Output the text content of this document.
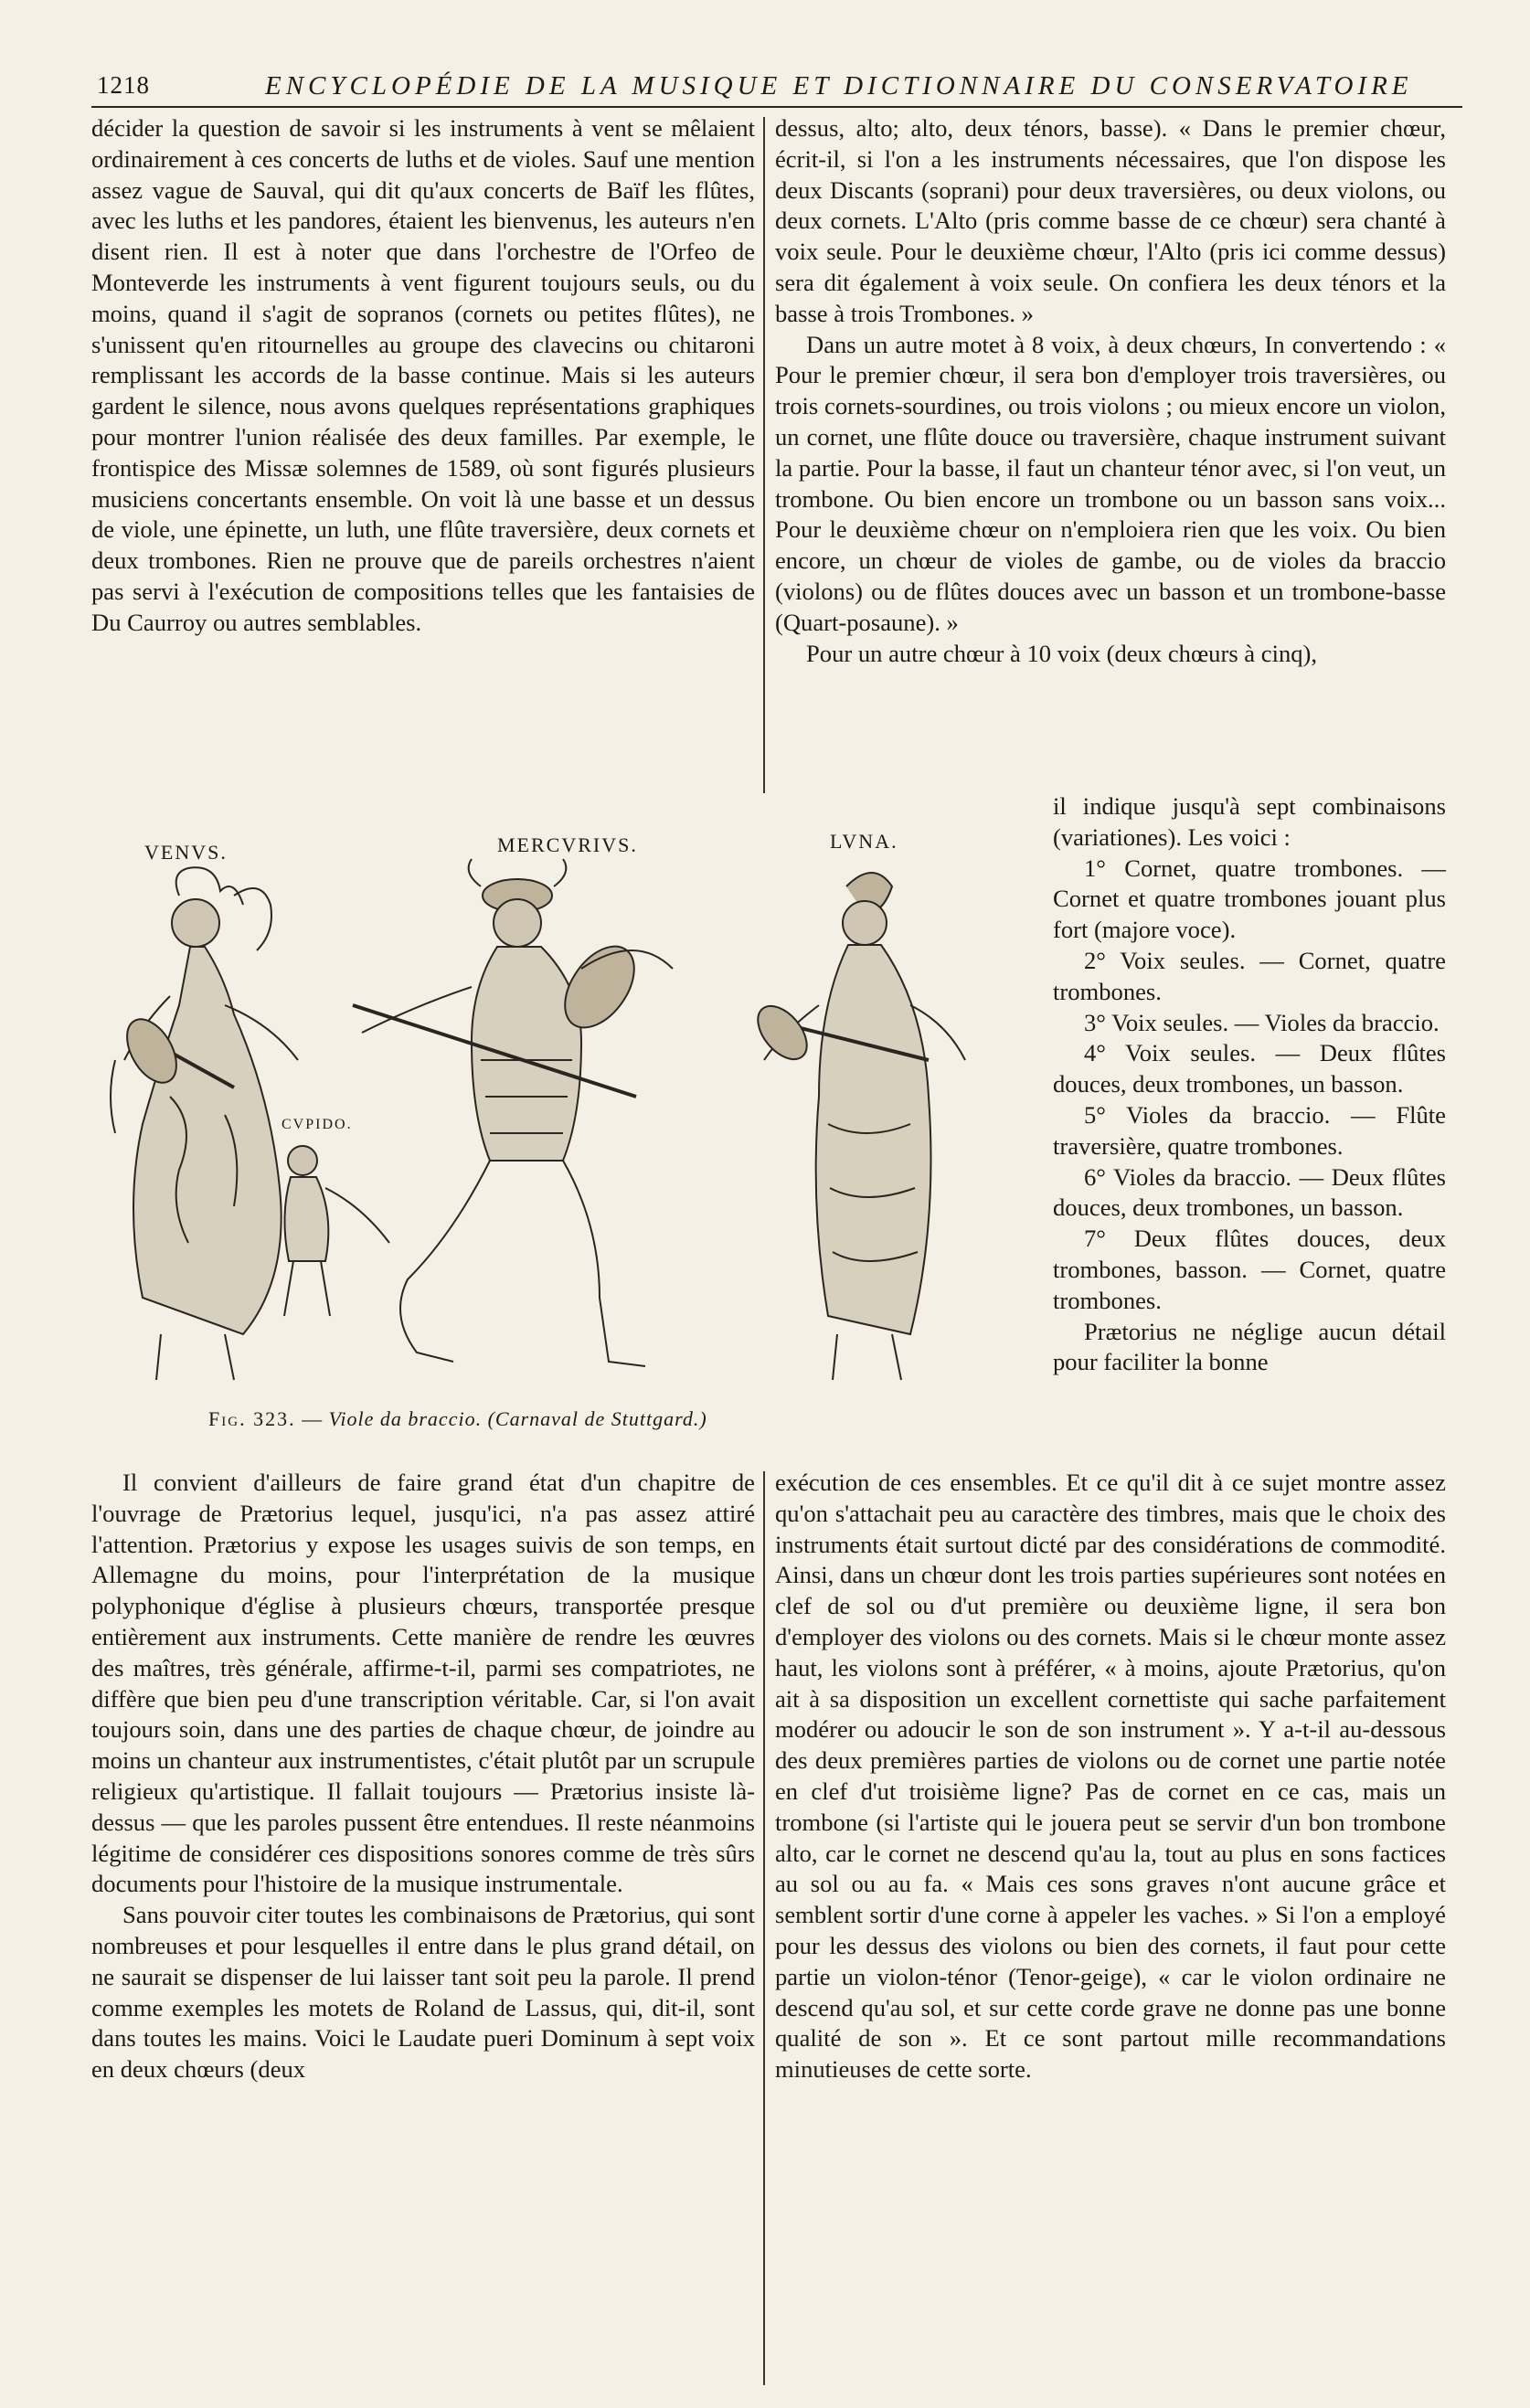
1218	ENCYCLOPÉDIE DE LA MUSIQUE ET DICTIONNAIRE DU CONSERVATOIRE

décider la question de savoir si les instruments à vent se mêlaient ordinairement à ces concerts de luths et de violes. Sauf une mention assez vague de Sauval, qui dit qu'aux concerts de Baïf les flûtes, avec les luths et les pandores, étaient les bienvenus, les auteurs n'en disent rien. Il est à noter que dans l'orchestre de l'Orfeo de Monteverde les instruments à vent figurent toujours seuls, ou du moins, quand il s'agit de sopranos (cornets ou petites flûtes), ne s'unissent qu'en ritournelles au groupe des clavecins ou chitaroni remplissant les accords de la basse continue. Mais si les auteurs gardent le silence, nous avons quelques représentations graphiques pour montrer l'union réalisée des deux familles. Par exemple, le frontispice des Missæ solemnes de 1589, où sont figurés plusieurs musiciens concertants ensemble. On voit là une basse et un dessus de viole, une épinette, un luth, une flûte traversière, deux cornets et deux trombones. Rien ne prouve que de pareils orchestres n'aient pas servi à l'exécution de compositions telles que les fantaisies de Du Caurroy ou autres semblables.

dessus, alto; alto, deux ténors, basse). « Dans le premier chœur, écrit-il, si l'on a les instruments nécessaires, que l'on dispose les deux Discants (soprani) pour deux traversières, ou deux violons, ou deux cornets. L'Alto (pris comme basse de ce chœur) sera chanté à voix seule. Pour le deuxième chœur, l'Alto (pris ici comme dessus) sera dit également à voix seule. On confiera les deux ténors et la basse à trois Trombones. »

Dans un autre motet à 8 voix, à deux chœurs, In convertendo : « Pour le premier chœur, il sera bon d'employer trois traversières, ou trois cornets-sourdines, ou trois violons ; ou mieux encore un violon, un cornet, une flûte douce ou traversière, chaque instrument suivant la partie. Pour la basse, il faut un chanteur ténor avec, si l'on veut, un trombone. Ou bien encore un trombone ou un basson sans voix... Pour le deuxième chœur on n'emploiera rien que les voix. Ou bien encore, un chœur de violes de gambe, ou de violes da braccio (violons) ou de flûtes douces avec un basson et un trombone-basse (Quart-posaune). »

Pour un autre chœur à 10 voix (deux chœurs à cinq),

VENVS.	MERCVRIVS.	LVNA.
CVPIDO.
Fig. 323. — Viole da braccio. (Carnaval de Stuttgard.)

il indique jusqu'à sept combinaisons (variationes). Les voici :

1° Cornet, quatre trombones. — Cornet et quatre trombones jouant plus fort (majore voce).

2° Voix seules. — Cornet, quatre trombones.

3° Voix seules. — Violes da braccio.

4° Voix seules. — Deux flûtes douces, deux trombones, un basson.

5° Violes da braccio. — Flûte traversière, quatre trombones.

6° Violes da braccio. — Deux flûtes douces, deux trombones, un basson.

7° Deux flûtes douces, deux trombones, basson. — Cornet, quatre trombones.

Prætorius ne néglige aucun détail pour faciliter la bonne

Il convient d'ailleurs de faire grand état d'un chapitre de l'ouvrage de Prætorius lequel, jusqu'ici, n'a pas assez attiré l'attention. Prætorius y expose les usages suivis de son temps, en Allemagne du moins, pour l'interprétation de la musique polyphonique d'église à plusieurs chœurs, transportée presque entièrement aux instruments. Cette manière de rendre les œuvres des maîtres, très générale, affirme-t-il, parmi ses compatriotes, ne diffère que bien peu d'une transcription véritable. Car, si l'on avait toujours soin, dans une des parties de chaque chœur, de joindre au moins un chanteur aux instrumentistes, c'était plutôt par un scrupule religieux qu'artistique. Il fallait toujours — Prætorius insiste là-dessus — que les paroles pussent être entendues. Il reste néanmoins légitime de considérer ces dispositions sonores comme de très sûrs documents pour l'histoire de la musique instrumentale.

Sans pouvoir citer toutes les combinaisons de Prætorius, qui sont nombreuses et pour lesquelles il entre dans le plus grand détail, on ne saurait se dispenser de lui laisser tant soit peu la parole. Il prend comme exemples les motets de Roland de Lassus, qui, dit-il, sont dans toutes les mains. Voici le Laudate pueri Dominum à sept voix en deux chœurs (deux

exécution de ces ensembles. Et ce qu'il dit à ce sujet montre assez qu'on s'attachait peu au caractère des timbres, mais que le choix des instruments était surtout dicté par des considérations de commodité. Ainsi, dans un chœur dont les trois parties supérieures sont notées en clef de sol ou d'ut première ou deuxième ligne, il sera bon d'employer des violons ou des cornets. Mais si le chœur monte assez haut, les violons sont à préférer, « à moins, ajoute Prætorius, qu'on ait à sa disposition un excellent cornettiste qui sache parfaitement modérer ou adoucir le son de son instrument ». Y a-t-il au-dessous des deux premières parties de violons ou de cornet une partie notée en clef d'ut troisième ligne? Pas de cornet en ce cas, mais un trombone (si l'artiste qui le jouera peut se servir d'un bon trombone alto, car le cornet ne descend qu'au la, tout au plus en sons factices au sol ou au fa. « Mais ces sons graves n'ont aucune grâce et semblent sortir d'une corne à appeler les vaches. » Si l'on a employé pour les dessus des violons ou bien des cornets, il faut pour cette partie un violon-ténor (Tenor-geige), « car le violon ordinaire ne descend qu'au sol, et sur cette corde grave ne donne pas une bonne qualité de son ». Et ce sont partout mille recommandations minutieuses de cette sorte.
